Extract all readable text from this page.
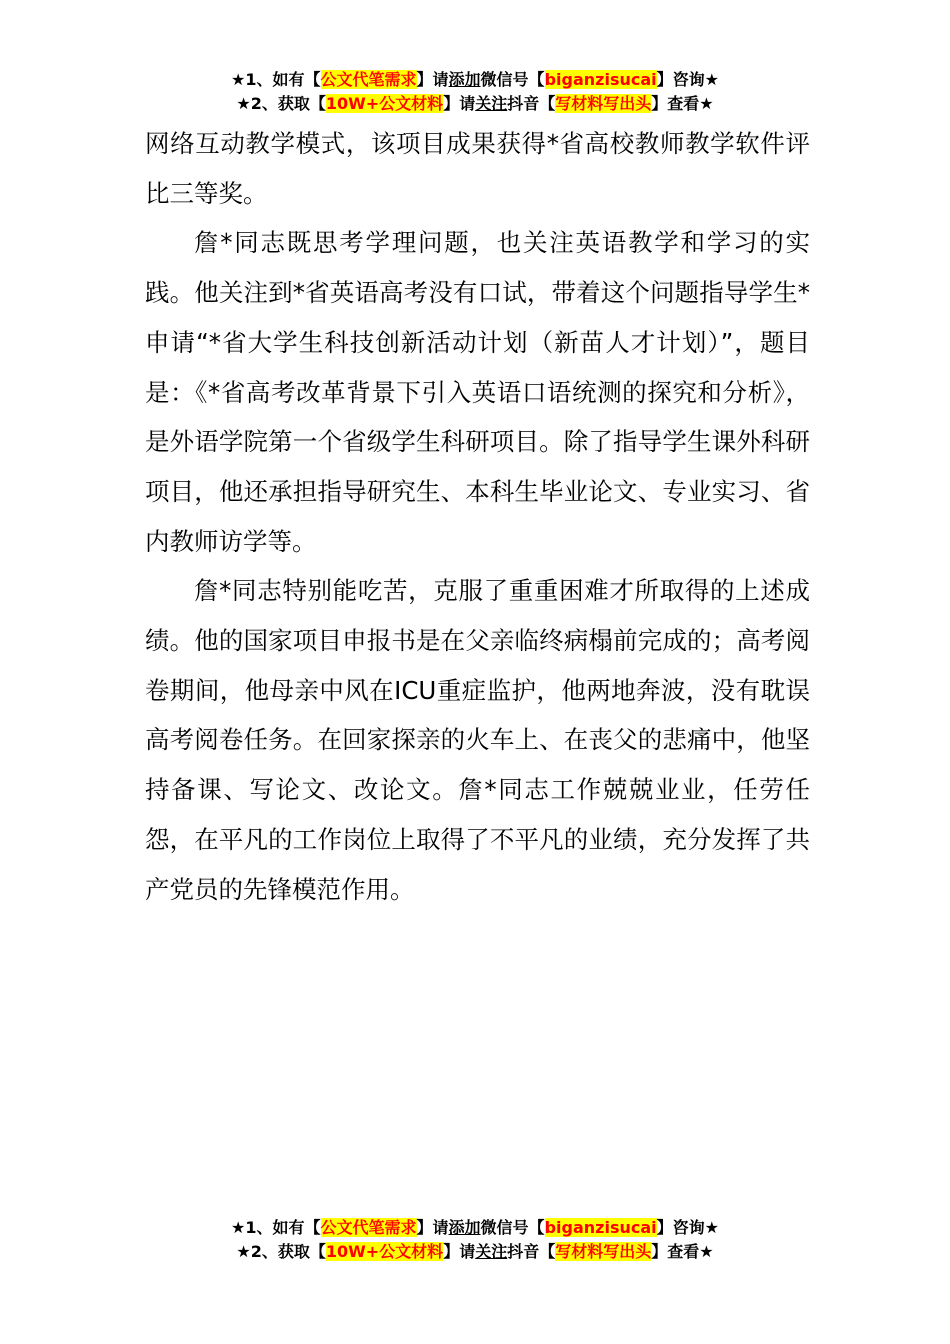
★1、如有【公文代笔需求】请添加微信号【biganzisucai】咨询★
★2、获取【10W+公文材料】请关注抖音【写材料写出头】查看★

网络互动教学模式，该项目成果获得*省高校教师教学软件评比三等奖。

詹*同志既思考学理问题，也关注英语教学和学习的实践。他关注到*省英语高考没有口试，带着这个问题指导学生*申请“*省大学生科技创新活动计划（新苗人才计划）”，题目是：《*省高考改革背景下引入英语口语统测的探究和分析》，是外语学院第一个省级学生科研项目。除了指导学生课外科研项目，他还承担指导研究生、本科生毕业论文、专业实习、省内教师访学等。

詹*同志特别能吃苦，克服了重重困难才所取得的上述成绩。他的国家项目申报书是在父亲临终病榻前完成的；高考阅卷期间，他母亲中风在ICU重症监护，他两地奔波，没有耽误高考阅卷任务。在回家探亲的火车上、在丧父的悲痛中，他坚持备课、写论文、改论文。詹*同志工作兢兢业业，任劳任怨，在平凡的工作岗位上取得了不平凡的业绩，充分发挥了共产党员的先锋模范作用。

★1、如有【公文代笔需求】请添加微信号【biganzisucai】咨询★
★2、获取【10W+公文材料】请关注抖音【写材料写出头】查看★
